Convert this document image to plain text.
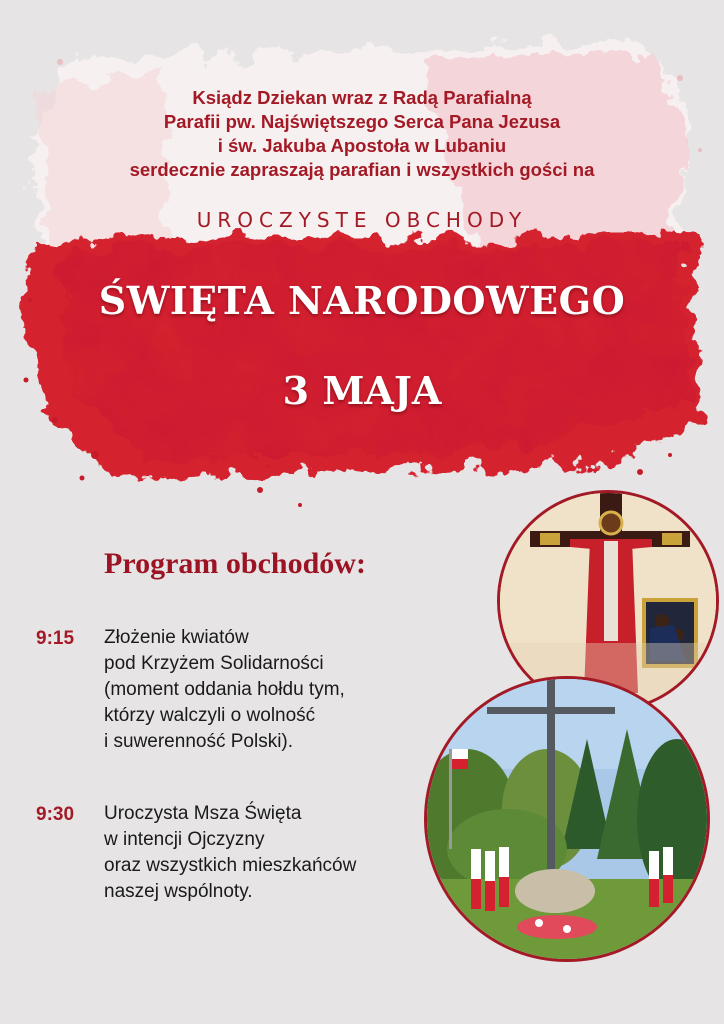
Ksiądz Dziekan wraz z Radą Parafialną
Parafii pw. Najświętszego Serca Pana Jezusa
i św. Jakuba Apostoła w Lubaniu
serdecznie zapraszają parafian i wszystkich gości na
UROCZYSTE OBCHODY
ŚWIĘTA NARODOWEGO
3 MAJA
Program obchodów:
9:15 Złożenie kwiatów
pod Krzyżem Solidarności
(moment oddania hołdu tym,
którzy walczyli o wolność
i suwerenność Polski).
9:30 Uroczysta Msza Święta
w intencji Ojczyzny
oraz wszystkich mieszkańców
naszej wspólnoty.
